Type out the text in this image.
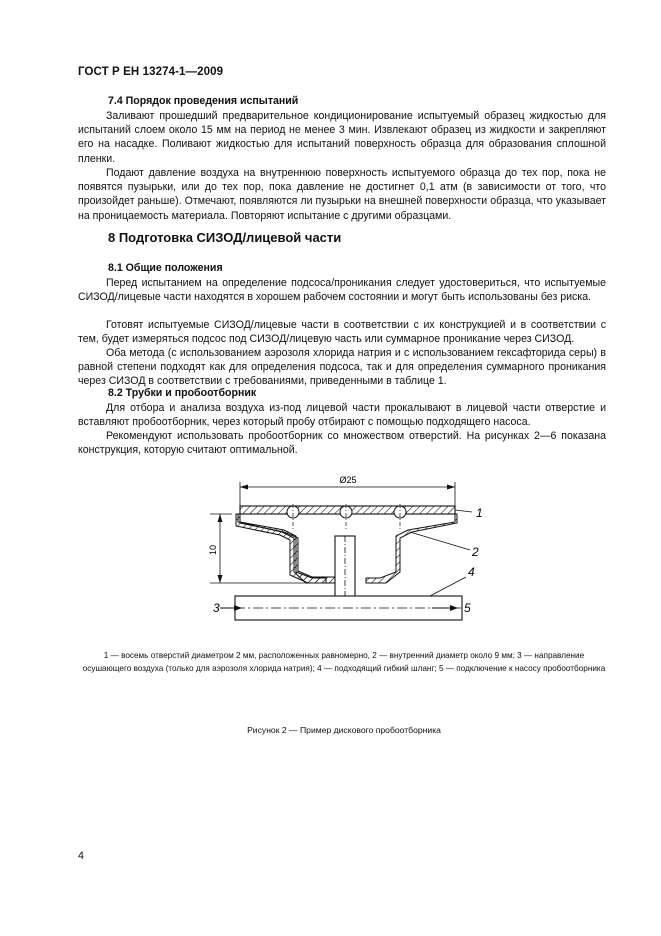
ГОСТ Р ЕН 13274-1—2009
7.4 Порядок проведения испытаний
Заливают прошедший предварительное кондиционирование испытуемый образец жидкостью для испытаний слоем около 15 мм на период не менее 3 мин. Извлекают образец из жидкости и закрепляют его на насадке. Поливают жидкостью для испытаний поверхность образца для образования сплошной пленки.
Подают давление воздуха на внутреннюю поверхность испытуемого образца до тех пор, пока не появятся пузырьки, или до тех пор, пока давление не достигнет 0,1 атм (в зависимости от того, что произойдет раньше). Отмечают, появляются ли пузырьки на внешней поверхности образца, что указывает на проницаемость материала. Повторяют испытание с другими образцами.
8 Подготовка СИЗОД/лицевой части
8.1 Общие положения
Перед испытанием на определение подсоса/проникания следует удостовериться, что испытуемые СИЗОД/лицевые части находятся в хорошем рабочем состоянии и могут быть использованы без риска.
Готовят испытуемые СИЗОД/лицевые части в соответствии с их конструкцией и в соответствии с тем, будет измеряться подсос под СИЗОД/лицевую часть или суммарное проникание через СИЗОД.
Оба метода (с использованием аэрозоля хлорида натрия и с использованием гексафторида серы) в равной степени подходят как для определения подсоса, так и для определения суммарного проникания через СИЗОД в соответствии с требованиями, приведенными в таблице 1.
8.2 Трубки и пробоотборник
Для отбора и анализа воздуха из-под лицевой части прокалывают в лицевой части отверстие и вставляют пробоотборник, через который пробу отбирают с помощью подходящего насоса.
Рекомендуют использовать пробоотборник со множеством отверстий. На рисунках 2—6 показана конструкция, которую считают оптимальной.
Ø25
10
1
2
3
4
5
1 — восемь отверстий диаметром 2 мм, расположенных равномерно, 2 — внутренний диаметр около 9 мм; 3 — направление осушающего воздуха (только для аэрозоля хлорида натрия); 4 — подходящий гибкий шланг; 5 — подключение к насосу пробоотборника
Рисунок 2 — Пример дискового пробоотборника
4
